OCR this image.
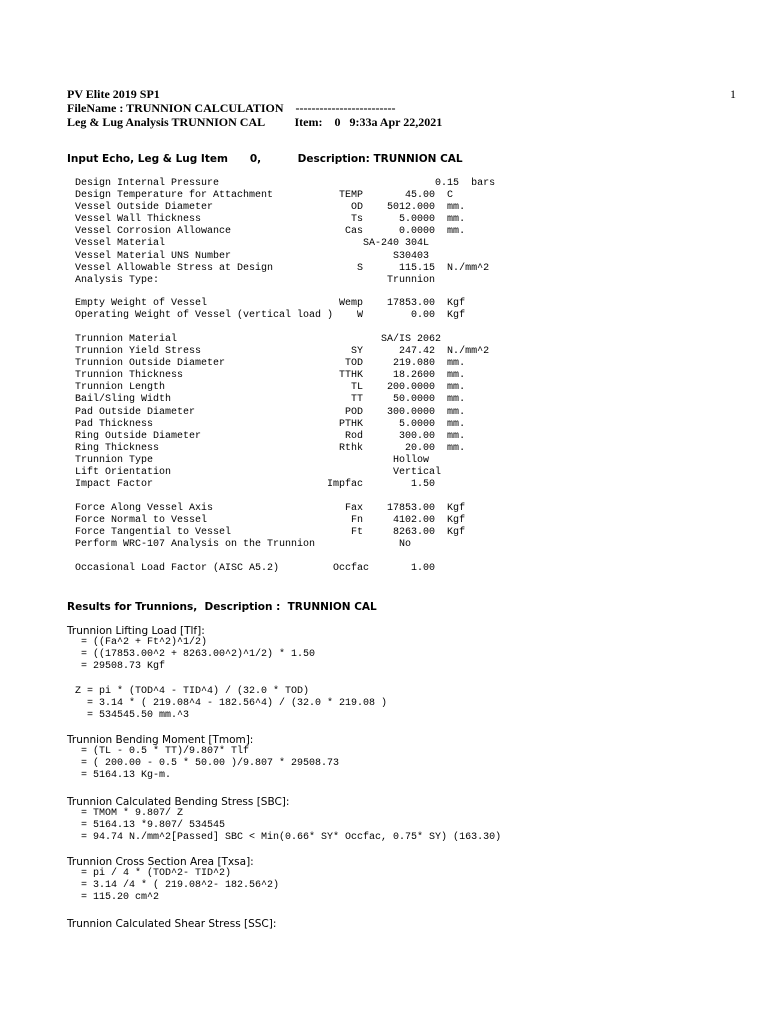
PV Elite 2019 SP1	1
FileName : TRUNNION CALCULATION    -------------------------
Leg & Lug Analysis TRUNNION CAL          Item:    0   9:33a Apr 22,2021
Input Echo, Leg & Lug Item      0,          Description: TRUNNION CAL
Design Internal Pressure                                    0.15  bars
Design Temperature for Attachment           TEMP       45.00  C
Vessel Outside Diameter                       OD    5012.000  mm.
Vessel Wall Thickness                         Ts      5.0000  mm.
Vessel Corrosion Allowance                   Cas      0.0000  mm.
Vessel Material                                 SA-240 304L
Vessel Material UNS Number                           S30403
Vessel Allowable Stress at Design              S      115.15  N./mm^2
Analysis Type:                                      Trunnion
Empty Weight of Vessel                      Wemp    17853.00  Kgf
Operating Weight of Vessel (vertical load )    W        0.00  Kgf
Trunnion Material                                  SA/IS 2062
Trunnion Yield Stress                         SY      247.42  N./mm^2
Trunnion Outside Diameter                    TOD     219.080  mm.
Trunnion Thickness                          TTHK     18.2600  mm.
Trunnion Length                               TL    200.0000  mm.
Bail/Sling Width                              TT     50.0000  mm.
Pad Outside Diameter                         POD    300.0000  mm.
Pad Thickness                               PTHK      5.0000  mm.
Ring Outside Diameter                        Rod      300.00  mm.
Ring Thickness                              Rthk       20.00  mm.
Trunnion Type                                        Hollow
Lift Orientation                                     Vertical
Impact Factor                             Impfac        1.50
Force Along Vessel Axis                      Fax    17853.00  Kgf
Force Normal to Vessel                        Fn     4102.00  Kgf
Force Tangential to Vessel                    Ft     8263.00  Kgf
Perform WRC-107 Analysis on the Trunnion              No
Occasional Load Factor (AISC A5.2)         Occfac       1.00
Results for Trunnions,  Description :  TRUNNION CAL
Trunnion Lifting Load [Tlf]:
= ((Fa^2 + Ft^2)^1/2)
= ((17853.00^2 + 8263.00^2)^1/2) * 1.50
= 29508.73 Kgf
Z = pi * (TOD^4 - TID^4) / (32.0 * TOD)
= 3.14 * ( 219.08^4 - 182.56^4) / (32.0 * 219.08 )
= 534545.50 mm.^3
Trunnion Bending Moment [Tmom]:
= (TL - 0.5 * TT)/9.807* Tlf
= ( 200.00 - 0.5 * 50.00 )/9.807 * 29508.73
= 5164.13 Kg-m.
Trunnion Calculated Bending Stress [SBC]:
= TMOM * 9.807/ Z
= 5164.13 *9.807/ 534545
= 94.74 N./mm^2[Passed] SBC < Min(0.66* SY* Occfac, 0.75* SY) (163.30)
Trunnion Cross Section Area [Txsa]:
= pi / 4 * (TOD^2- TID^2)
= 3.14 /4 * ( 219.08^2- 182.56^2)
= 115.20 cm^2
Trunnion Calculated Shear Stress [SSC]:
